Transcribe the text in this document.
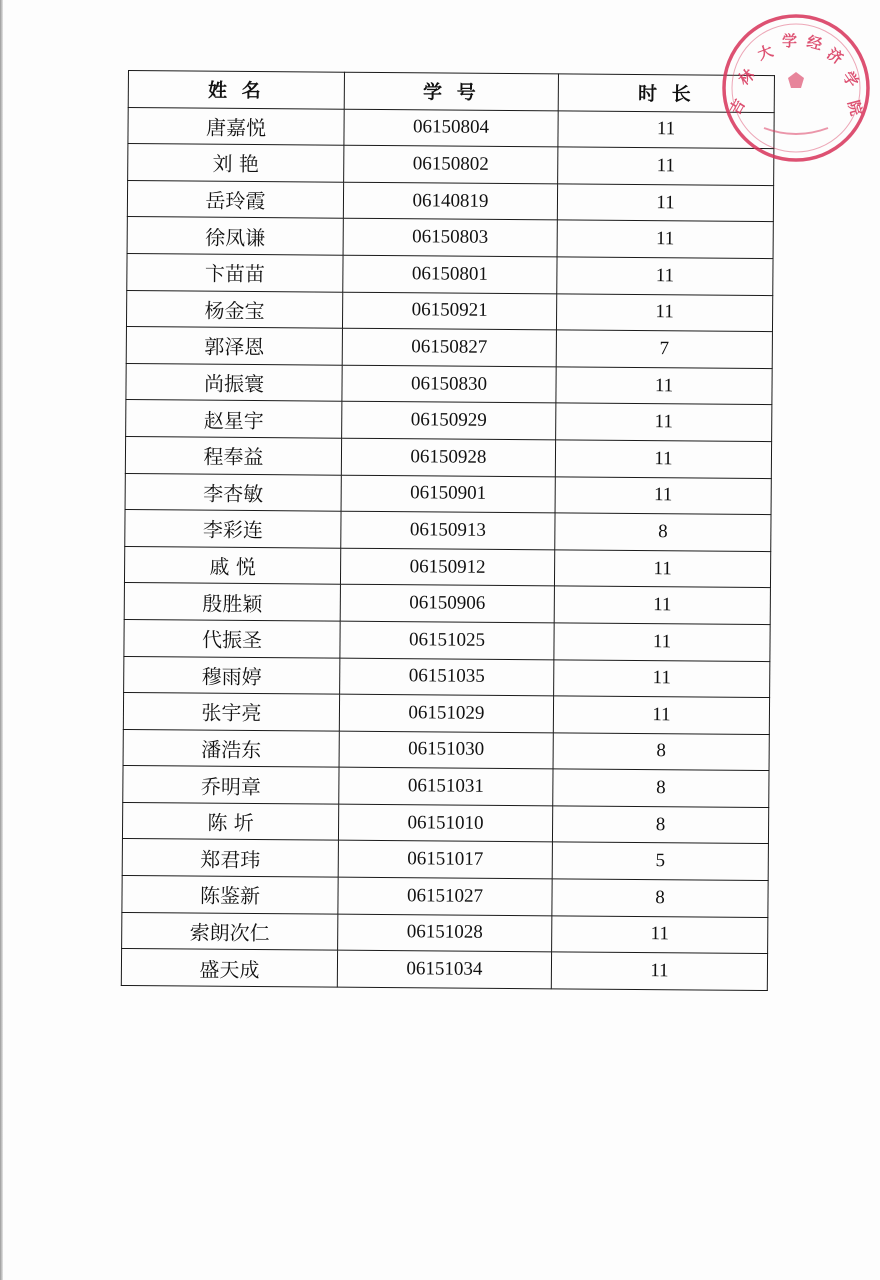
姓 名	学 号	时 长
唐嘉悦	06150804	11
刘 艳	06150802	11
岳玲霞	06140819	11
徐凤谦	06150803	11
卞苗苗	06150801	11
杨金宝	06150921	11
郭泽恩	06150827	7
尚振寰	06150830	11
赵星宇	06150929	11
程奉益	06150928	11
李杏敏	06150901	11
李彩连	06150913	8
戚 悦	06150912	11
殷胜颖	06150906	11
代振圣	06151025	11
穆雨婷	06151035	11
张宇亮	06151029	11
潘浩东	06151030	8
乔明章	06151031	8
陈 圻	06151010	8
郑君玮	06151017	5
陈鉴新	06151027	8
索朗次仁	06151028	11
盛天成	06151034	11
吉
林
大
学 经
济
学
院
